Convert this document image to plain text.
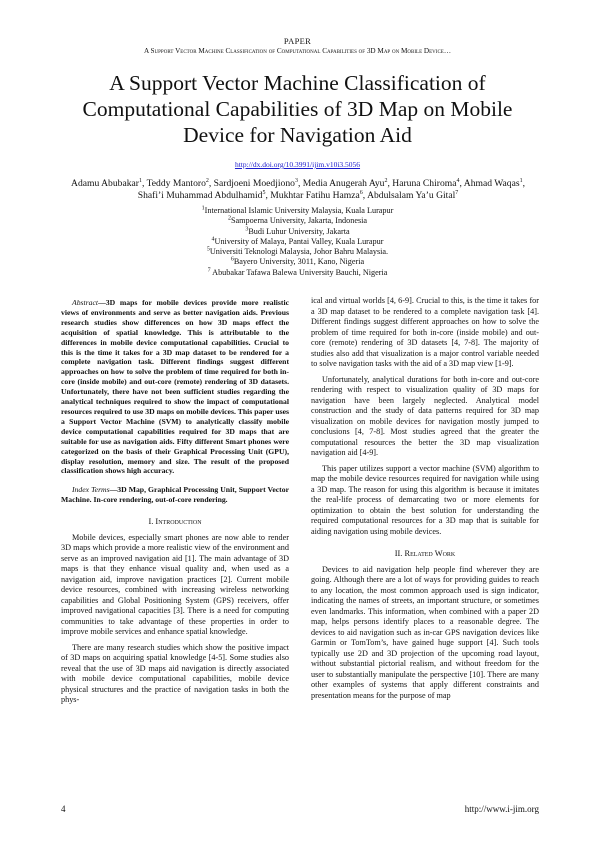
PAPER
A Support Vector Machine Classification of Computational Capabilities of 3D Map on Mobile Device…
A Support Vector Machine Classification of Computational Capabilities of 3D Map on Mobile Device for Navigation Aid
http://dx.doi.org/10.3991/ijim.v10i3.5056
Adamu Abubakar$^1$, Teddy Mantoro$^2$, Sardjoeni Moedjiono$^3$, Media Anugerah Ayu$^2$, Haruna Chiroma$^4$, Ahmad Waqas$^1$, Shafi’i Muhammad Abdulhamid$^5$, Mukhtar Fatihu Hamza$^6$, Abdulsalam Ya’u Gital$^7$
$^1$International Islamic University Malaysia, Kuala Lurapur
$^2$Sampoerna University, Jakarta, Indonesia
$^3$Budi Luhur University, Jakarta
$^4$University of Malaya, Pantai Valley, Kuala Lurapur
$^5$Universiti Teknologi Malaysia, Johor Bahru Malaysia.
$^6$Bayero University, 3011, Kano, Nigeria
$^7$ Abubakar Tafawa Balewa University Bauchi, Nigeria

Abstract—3D maps for mobile devices provide more realistic views of environments and serve as better navigation aids. Previous research studies show differences on how 3D maps effect the acquisition of spatial knowledge. This is attributable to the differences in mobile device computational capabilities. Crucial to this is the time it takes for a 3D map dataset to be rendered for a complete navigation task. Different findings suggest different approaches on how to solve the problem of time required for both in-core (inside mobile) and out-core (remote) rendering of 3D datasets. Unfortunately, there have not been sufficient studies regarding the analytical techniques required to show the impact of computational resources required to use 3D maps on mobile devices. This paper uses a Support Vector Machine (SVM) to analytically classify mobile device computational capabilities required for 3D maps that are suitable for use as navigation aids. Fifty different Smart phones were categorized on the basis of their Graphical Processing Unit (GPU), display resolution, memory and size. The result of the proposed classification shows high accuracy.

Index Terms—3D Map, Graphical Processing Unit, Support Vector Machine. In-core rendering, out-of-core rendering.

I. Introduction

Mobile devices, especially smart phones are now able to render 3D maps which provide a more realistic view of the environment and serve as an improved navigation aid [1]. The main advantage of 3D maps is that they enhance visual quality and, when used as a navigation aid, improve navigation practices [2]. Current mobile device resources, combined with increasing wireless networking capabilities and Global Positioning System (GPS) receivers, offer improved navigational capacities [3]. There is a need for computing communities to take advantage of these properties in order to improve mobile services and enhance spatial knowledge.

There are many research studies which show the positive impact of 3D maps on acquiring spatial knowledge [4-5]. Some studies also reveal that the use of 3D maps aid navigation is directly associated with mobile device computational capabilities, mobile device physical structures and the practice of navigation tasks in both the phys-

ical and virtual worlds [4, 6-9]. Crucial to this, is the time it takes for a 3D map dataset to be rendered to a complete navigation task [4]. Different findings suggest different approaches on how to solve the problem of time required for both in-core (inside mobile) and out-core (remote) rendering of 3D datasets [4, 7-8]. The majority of studies also add that visualization is a major control variable needed to solve navigation tasks with the aid of a 3D map view [1-9].

Unfortunately, analytical durations for both in-core and out-core rendering with respect to visualization quality of 3D maps for navigation have been largely neglected. Analytical model construction and the study of data patterns required for 3D map visualization on mobile devices for navigation mostly jumped to conclusions [4, 7-8]. Most studies agreed that the greater the computational resources the better the 3D map visualization navigation aid [4-9].

This paper utilizes support a vector machine (SVM) algorithm to map the mobile device resources required for navigation while using a 3D map. The reason for using this algorithm is because it imitates the real-life process of demarcating two or more elements for optimization to obtain the best solution for understanding the required computational resources for a 3D map that is suitable for aiding navigation using mobile devices.

II. Related Work

Devices to aid navigation help people find wherever they are going. Although there are a lot of ways for providing guides to reach to any location, the most common approach used is sign indicator, indicating the names of streets, an important structure, or sometimes even landmarks. This information, when combined with a paper 2D map, helps persons identify places to a reasonable degree. The devices to aid navigation such as in-car GPS navigation devices like Garmin or TomTom’s, have gained huge support [4]. Such tools typically use 2D and 3D projection of the upcoming road layout, without substantial pictorial realism, and without freedom for the user to substantially manipulate the perspective [10]. There are many other examples of systems that apply different constraints and presentation means for the purpose of map

4	http://www.i-jim.org
